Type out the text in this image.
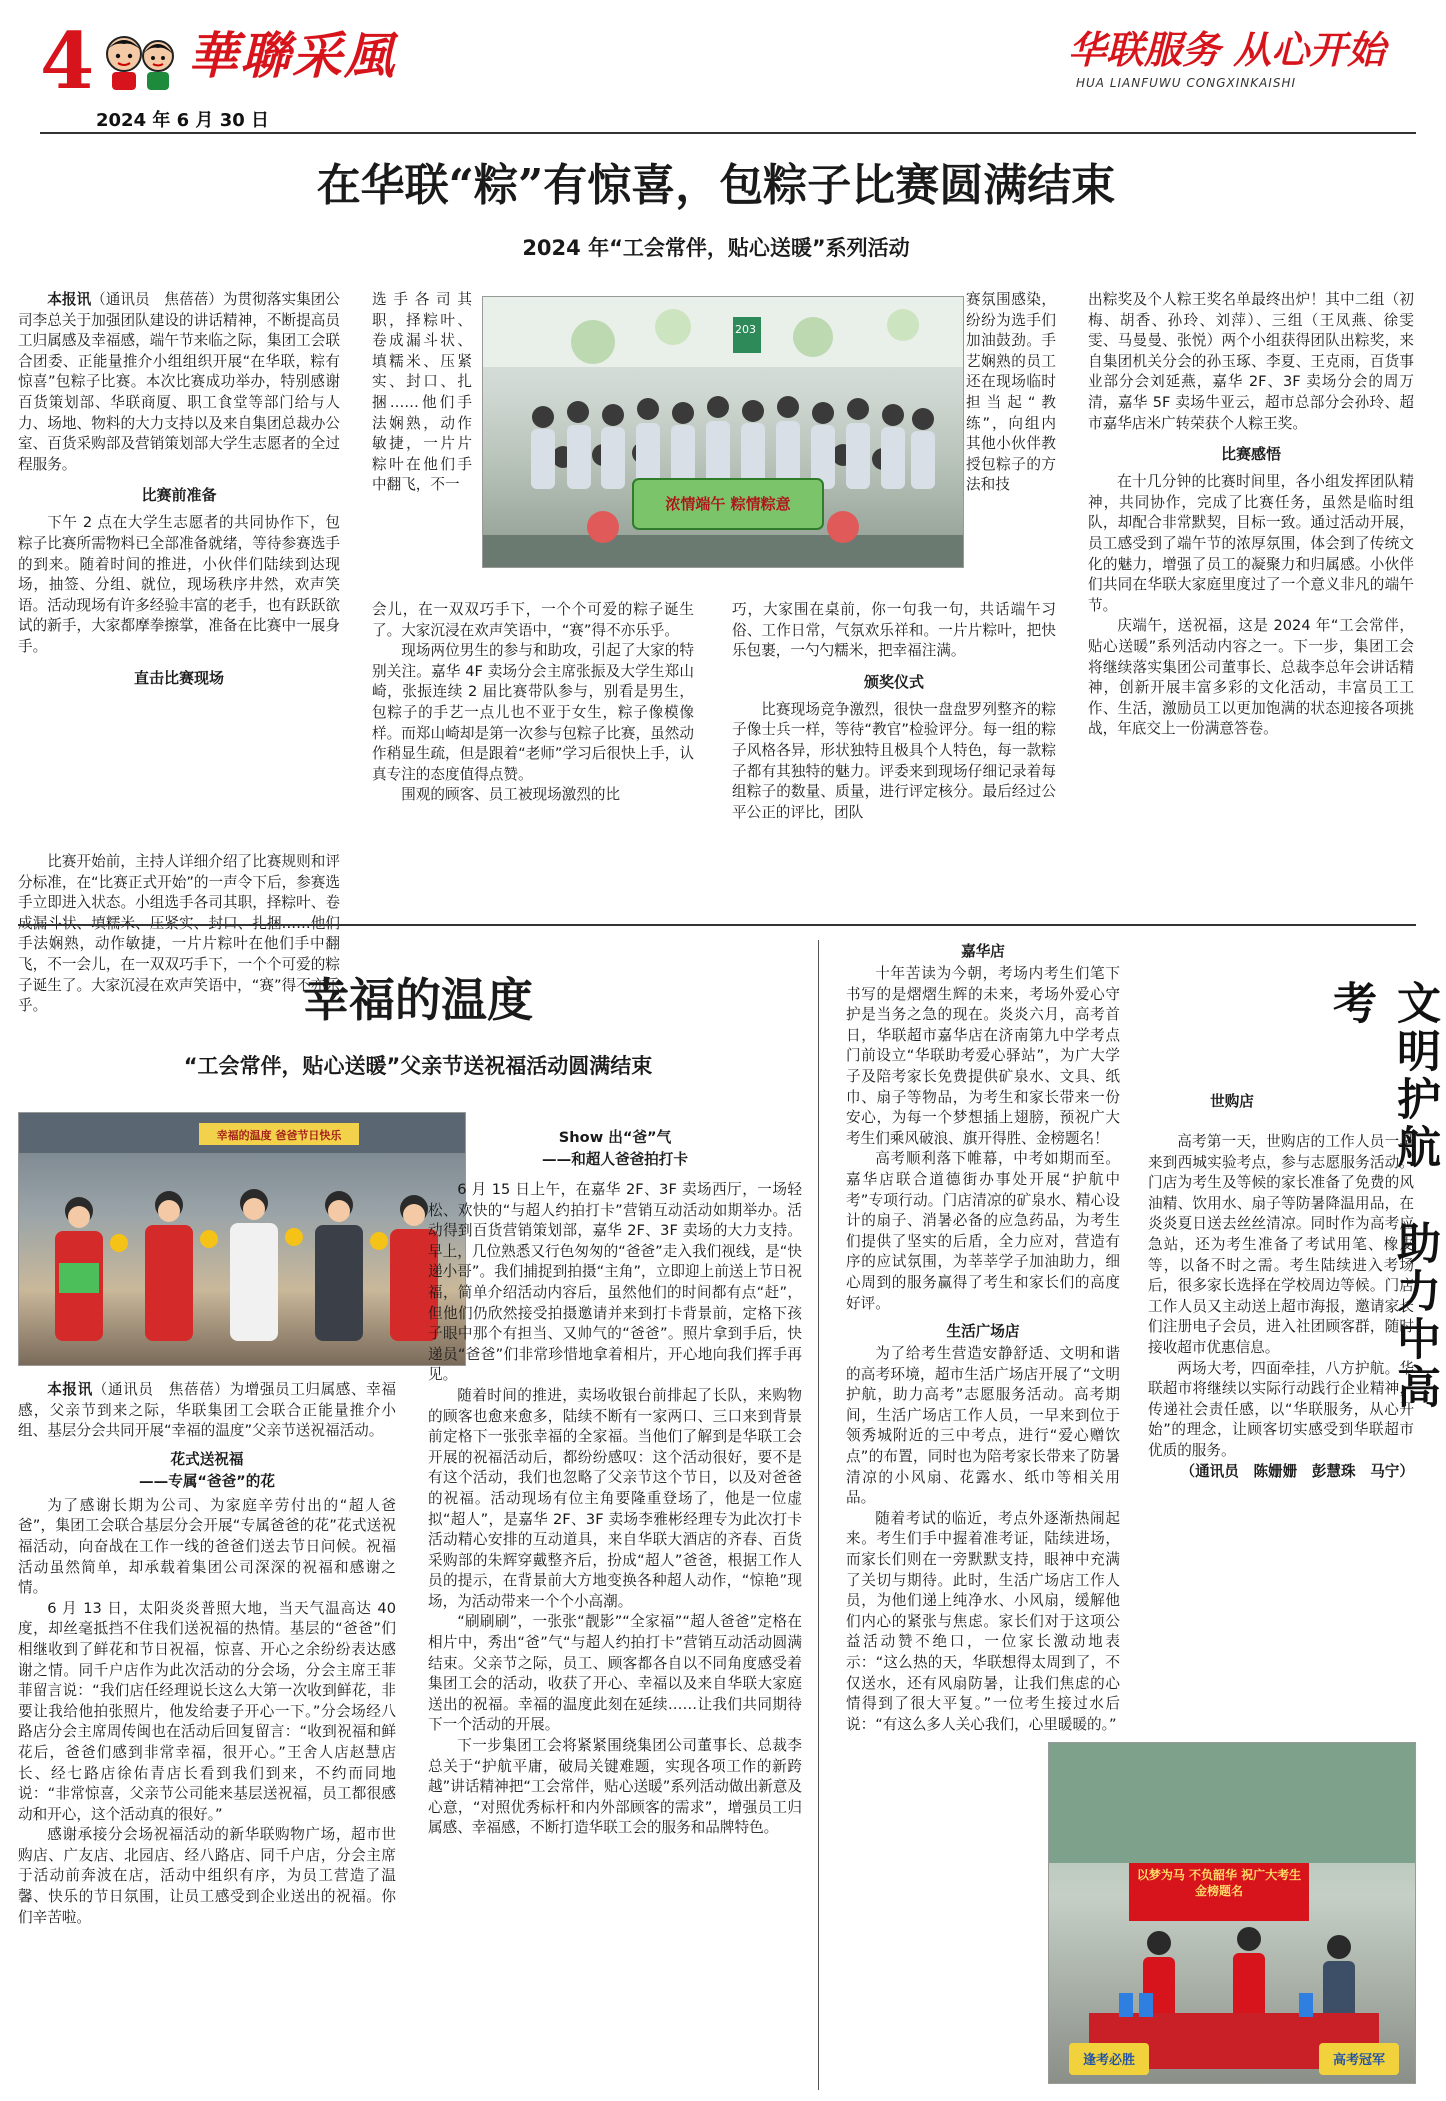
4 華聯采風
2024 年 6 月 30 日
华联服务 从心开始
HUA LIANFUWU CONGXINKAISHI
在华联“粽”有惊喜，包粽子比赛圆满结束
2024 年“工会常伴，贴心送暖”系列活动

本报讯（通讯员　焦蓓蓓）为贯彻落实集团公司李总关于加强团队建设的讲话精神，不断提高员工归属感及幸福感，端午节来临之际，集团工会联合团委、正能量推介小组组织开展“在华联，粽有惊喜”包粽子比赛。本次比赛成功举办，特别感谢百货策划部、华联商厦、职工食堂等部门给与人力、场地、物料的大力支持以及来自集团总裁办公室、百货采购部及营销策划部大学生志愿者的全过程服务。

比赛前准备

下午 2 点在大学生志愿者的共同协作下，包粽子比赛所需物料已全部准备就绪，等待参赛选手的到来。随着时间的推进，小伙伴们陆续到达现场，抽签、分组、就位，现场秩序井然，欢声笑语。活动现场有许多经验丰富的老手，也有跃跃欲试的新手，大家都摩拳擦掌，准备在比赛中一展身手。

直击比赛现场

比赛开始前，主持人详细介绍了比赛规则和评分标准，在“比赛正式开始”的一声令下后，参赛选手立即进入状态。小组选手各司其职，择粽叶、卷 手法娴熟，动作敏捷，一片片粽叶在他们手中翻飞，不一会儿，在一双双巧手下，一个个可爱的粽子诞生了。大家沉浸在欢声笑语中，“赛”得不亦乐乎。

浓情端午 粽情粽意
203

选手各司其职，择粽叶、卷成漏斗状、填糯米、压紧实、封口、扎捆……他们手法娴熟，动作敏捷，一片片粽叶在他们手中翻飞，不一

会儿，在一双双巧手下，一个个可爱的粽子诞生了。大家沉浸在欢声笑语中，“赛”得不亦乐乎。

现场两位男生的参与和助攻，引起了大家的特别关注。嘉华 4F 卖场分会主席张振及大学生郑山崎，张振连续 2 届比赛带队参与，别看是男生，包粽子的手艺一点儿也不亚于女生，粽子像模像样。而郑山崎却是第一次参与包粽子比赛，虽然动作稍显生疏，但是跟着“老师”学习后很快上手，认真专注的态度值得点赞。

围观的顾客、员工被现场激烈的比

赛氛围感染，纷纷为选手们加油鼓劲。手艺娴熟的员工还在现场临时担当起“教练”，向组内其他小伙伴教授包粽子的方法和技

巧，大家围在桌前，你一句我一句，共话端午习俗、工作日常，气氛欢乐祥和。一片片粽叶，把快乐包裹，一勺勺糯米，把幸福注满。

颁奖仪式

比赛现场竞争激烈，很快一盘盘罗列整齐的粽子像士兵一样，等待“教官”检验评分。每一组的粽子风格各异，形状独特且极具个人特色，每一款粽子都有其独特的魅力。评委来到现场仔细记录着每组粽子的数量、质量，进行评定核分。最后经过公平公正的评比，团队

出粽奖及个人粽王奖名单最终出炉！其中二组（初梅、胡香、孙玲、刘萍）、三组（王凤燕、徐雯雯、马曼曼、张悦）两个小组获得团队出粽奖，来自集团机关分会的孙玉琢、李夏、王克雨，百货事业部分会刘延燕，嘉华 2F、3F 卖场分会的周万清，嘉华 5F 卖场牛亚云，超市总部分会孙玲、超市嘉华店米广转荣获个人粽王奖。

比赛感悟

在十几分钟的比赛时间里，各小组发挥团队精神，共同协作，完成了比赛任务，虽然是临时组队，却配合非常默契，目标一致。通过活动开展，员工感受到了端午节的浓厚氛围，体会到了传统文化的魅力，增强了员工的凝聚力和归属感。小伙伴们共同在华联大家庭里度过了一个意义非凡的端午节。

庆端午，送祝福，这是 2024 年“工会常伴，贴心送暖”系列活动内容之一。下一步，集团工会将继续落实集团公司董事长、总裁李总年会讲话精神，创新开展丰富多彩的文化活动，丰富员工工作、生活，激励员工以更加饱满的状态迎接各项挑战，年底交上一份满意答卷。

幸福的温度
“工会常伴，贴心送暖”父亲节送祝福活动圆满结束
幸福的温度 爸爸节日快乐

本报讯（通讯员　焦蓓蓓）为增强员工归属感、幸福感，父亲节到来之际，华联集团工会联合正能量推介小组、基层分会共同开展“幸福的温度”父亲节送祝福活动。

花式送祝福
——专属“爸爸”的花

为了感谢长期为公司、为家庭辛劳付出的“超人爸爸”，集团工会联合基层分会开展“专属爸爸的花”花式送祝福活动，向奋战在工作一线的爸爸们送去节日问候。祝福活动虽然简单，却承载着集团公司深深的祝福和感谢之情。

6 月 13 日，太阳炎炎普照大地，当天气温高达 40 度，却丝毫抵挡不住我们送祝福的热情。基层的“爸爸”们相继收到了鲜花和节日祝福，惊喜、开心之余纷纷表达感谢之情。同千户店作为此次活动的分会场，分会主席王菲菲留言说：“我们店任经理说长这么大第一次收到鲜花，非要让我给他拍张照片，他发给妻子开心一下。”分会场经八路店分会主席周传闽也在活动后回复留言：“收到祝福和鲜花后，爸爸们感到非常幸福，很开心。”王舍人店赵慧店长、经七路店徐佑青店长看到我们到来，不约而同地说：“非常惊喜，父亲节公司能来基层送祝福，员工都很感动和开心，这个活动真的很好。”

感谢承接分会场祝福活动的新华联购物广场，超市世购店、广友店、北园店、经八路店、同千户店，分会主席于活动前奔波在店，活动中组织有序，为员工营造了温馨、快乐的节日氛围，让员工感受到企业送出的祝福。你们辛苦啦。

Show 出“爸”气
——和超人爸爸拍打卡

6 月 15 日上午，在嘉华 2F、3F 卖场西厅，一场轻松、欢快的“与超人约拍打卡”营销互动活动如期举办。活动得到百货营销策划部，嘉华 2F、3F 卖场的大力支持。早上，几位熟悉又行色匆匆的“爸爸”走入我们视线，是“快递小哥”。我们捕捉到拍摄“主角”，立即迎上前送上节日祝福，简单介绍活动内容后，虽然他们的时间都有点“赶”，但他们仍欣然接受拍摄邀请并来到打卡背景前，定格下孩子眼中那个有担当、又帅气的“爸爸”。照片拿到手后，快递员“爸爸”们非常珍惜地拿着相片，开心地向我们挥手再见。

随着时间的推进，卖场收银台前排起了长队，来购物的顾客也愈来愈多，陆续不断有一家两口、三口来到背景前定格下一张张幸福的全家福。当他们了解到是华联工会开展的祝福活动后，都纷纷感叹：这个活动很好，要不是有这个活动，我们也忽略了父亲节这个节日，以及对爸爸的祝福。活动现场有位主角要隆重登场了，他是一位虚拟“超人”，是嘉华 2F、3F 卖场李雅彬经理专为此次打卡活动精心安排的互动道具，来自华联大酒店的齐春、百货采购部的朱辉穿戴整齐后，扮成“超人”爸爸，根据工作人员的提示，在背景前大方地变换各种超人动作，“惊艳”现场，为活动带来一个个小高潮。

“刷刷刷”，一张张“靓影”“全家福”“超人爸爸”定格在相片中，秀出“爸”气“与超人约拍打卡”营销互动活动圆满结束。父亲节之际，员工、顾客都各自以不同角度感受着集团工会的活动，收获了开心、幸福以及来自华联大家庭送出的祝福。幸福的温度此刻在延续……让我们共同期待下一个活动的开展。

下一步集团工会将紧紧围绕集团公司董事长、总裁李总关于“护航平庸，破局关键难题，实现各项工作的新跨越”讲话精神把“工会常伴，贴心送暖”系列活动做出新意及心意，“对照优秀标杆和内外部顾客的需求”，增强员工归属感、幸福感，不断打造华联工会的服务和品牌特色。

嘉华店

十年苦读为今朝，考场内考生们笔下书写的是熠熠生辉的未来，考场外爱心守护是当务之急的现在。炎炎六月，高考首日，华联超市嘉华店在济南第九中学考点门前设立“华联助考爱心驿站”，为广大学子及陪考家长免费提供矿泉水、文具、纸巾、扇子等物品，为考生和家长带来一份安心，为每一个梦想插上翅膀，预祝广大考生们乘风破浪、旗开得胜、金榜题名！

高考顺利落下帷幕，中考如期而至。嘉华店联合道德街办事处开展“护航中考”专项行动。门店清凉的矿泉水、精心设计的扇子、消暑必备的应急药品，为考生们提供了坚实的后盾，全力应对，营造有序的应试氛围，为莘莘学子加油助力，细心周到的服务赢得了考生和家长们的高度好评。

生活广场店

为了给考生营造安静舒适、文明和谐的高考环境，超市生活广场店开展了“文明护航，助力高考”志愿服务活动。高考期间，生活广场店工作人员，一早来到位于领秀城附近的三中考点，进行“爱心赠饮点”的布置，同时也为陪考家长带来了防暑清凉的小风扇、花露水、纸巾等相关用品。

随着考试的临近，考点外逐渐热闹起来。考生们手中握着准考证，陆续进场，而家长们则在一旁默默支持，眼神中充满了关切与期待。此时，生活广场店工作人员，为他们递上纯净水、小风扇，缓解他们内心的紧张与焦虑。家长们对于这项公益活动赞不绝口，一位家长激动地表示：“这么热的天，华联想得太周到了，不仅送水，还有风扇防暑，让我们焦虑的心情得到了很大平复。”一位考生接过水后说：“有这么多人关心我们，心里暖暖的。”

文明护航　助力中高考
世购店

高考第一天，世购店的工作人员一早来到西城实验考点，参与志愿服务活动。门店为考生及等候的家长准备了免费的风油精、饮用水、扇子等防暑降温用品，在炎炎夏日送去丝丝清凉。同时作为高考应急站，还为考生准备了考试用笔、橡皮等，以备不时之需。考生陆续进入考场后，很多家长选择在学校周边等候。门店工作人员又主动送上超市海报，邀请家长们注册电子会员，进入社团顾客群，随时接收超市优惠信息。

两场大考，四面牵挂，八方护航。华联超市将继续以实际行动践行企业精神，传递社会责任感，以“华联服务，从心开始”的理念，让顾客切实感受到华联超市优质的服务。

（通讯员　陈姗姗　彭慧珠　马宁）

以梦为马 不负韶华 祝广大考生金榜题名
逢考必胜	高考冠军
